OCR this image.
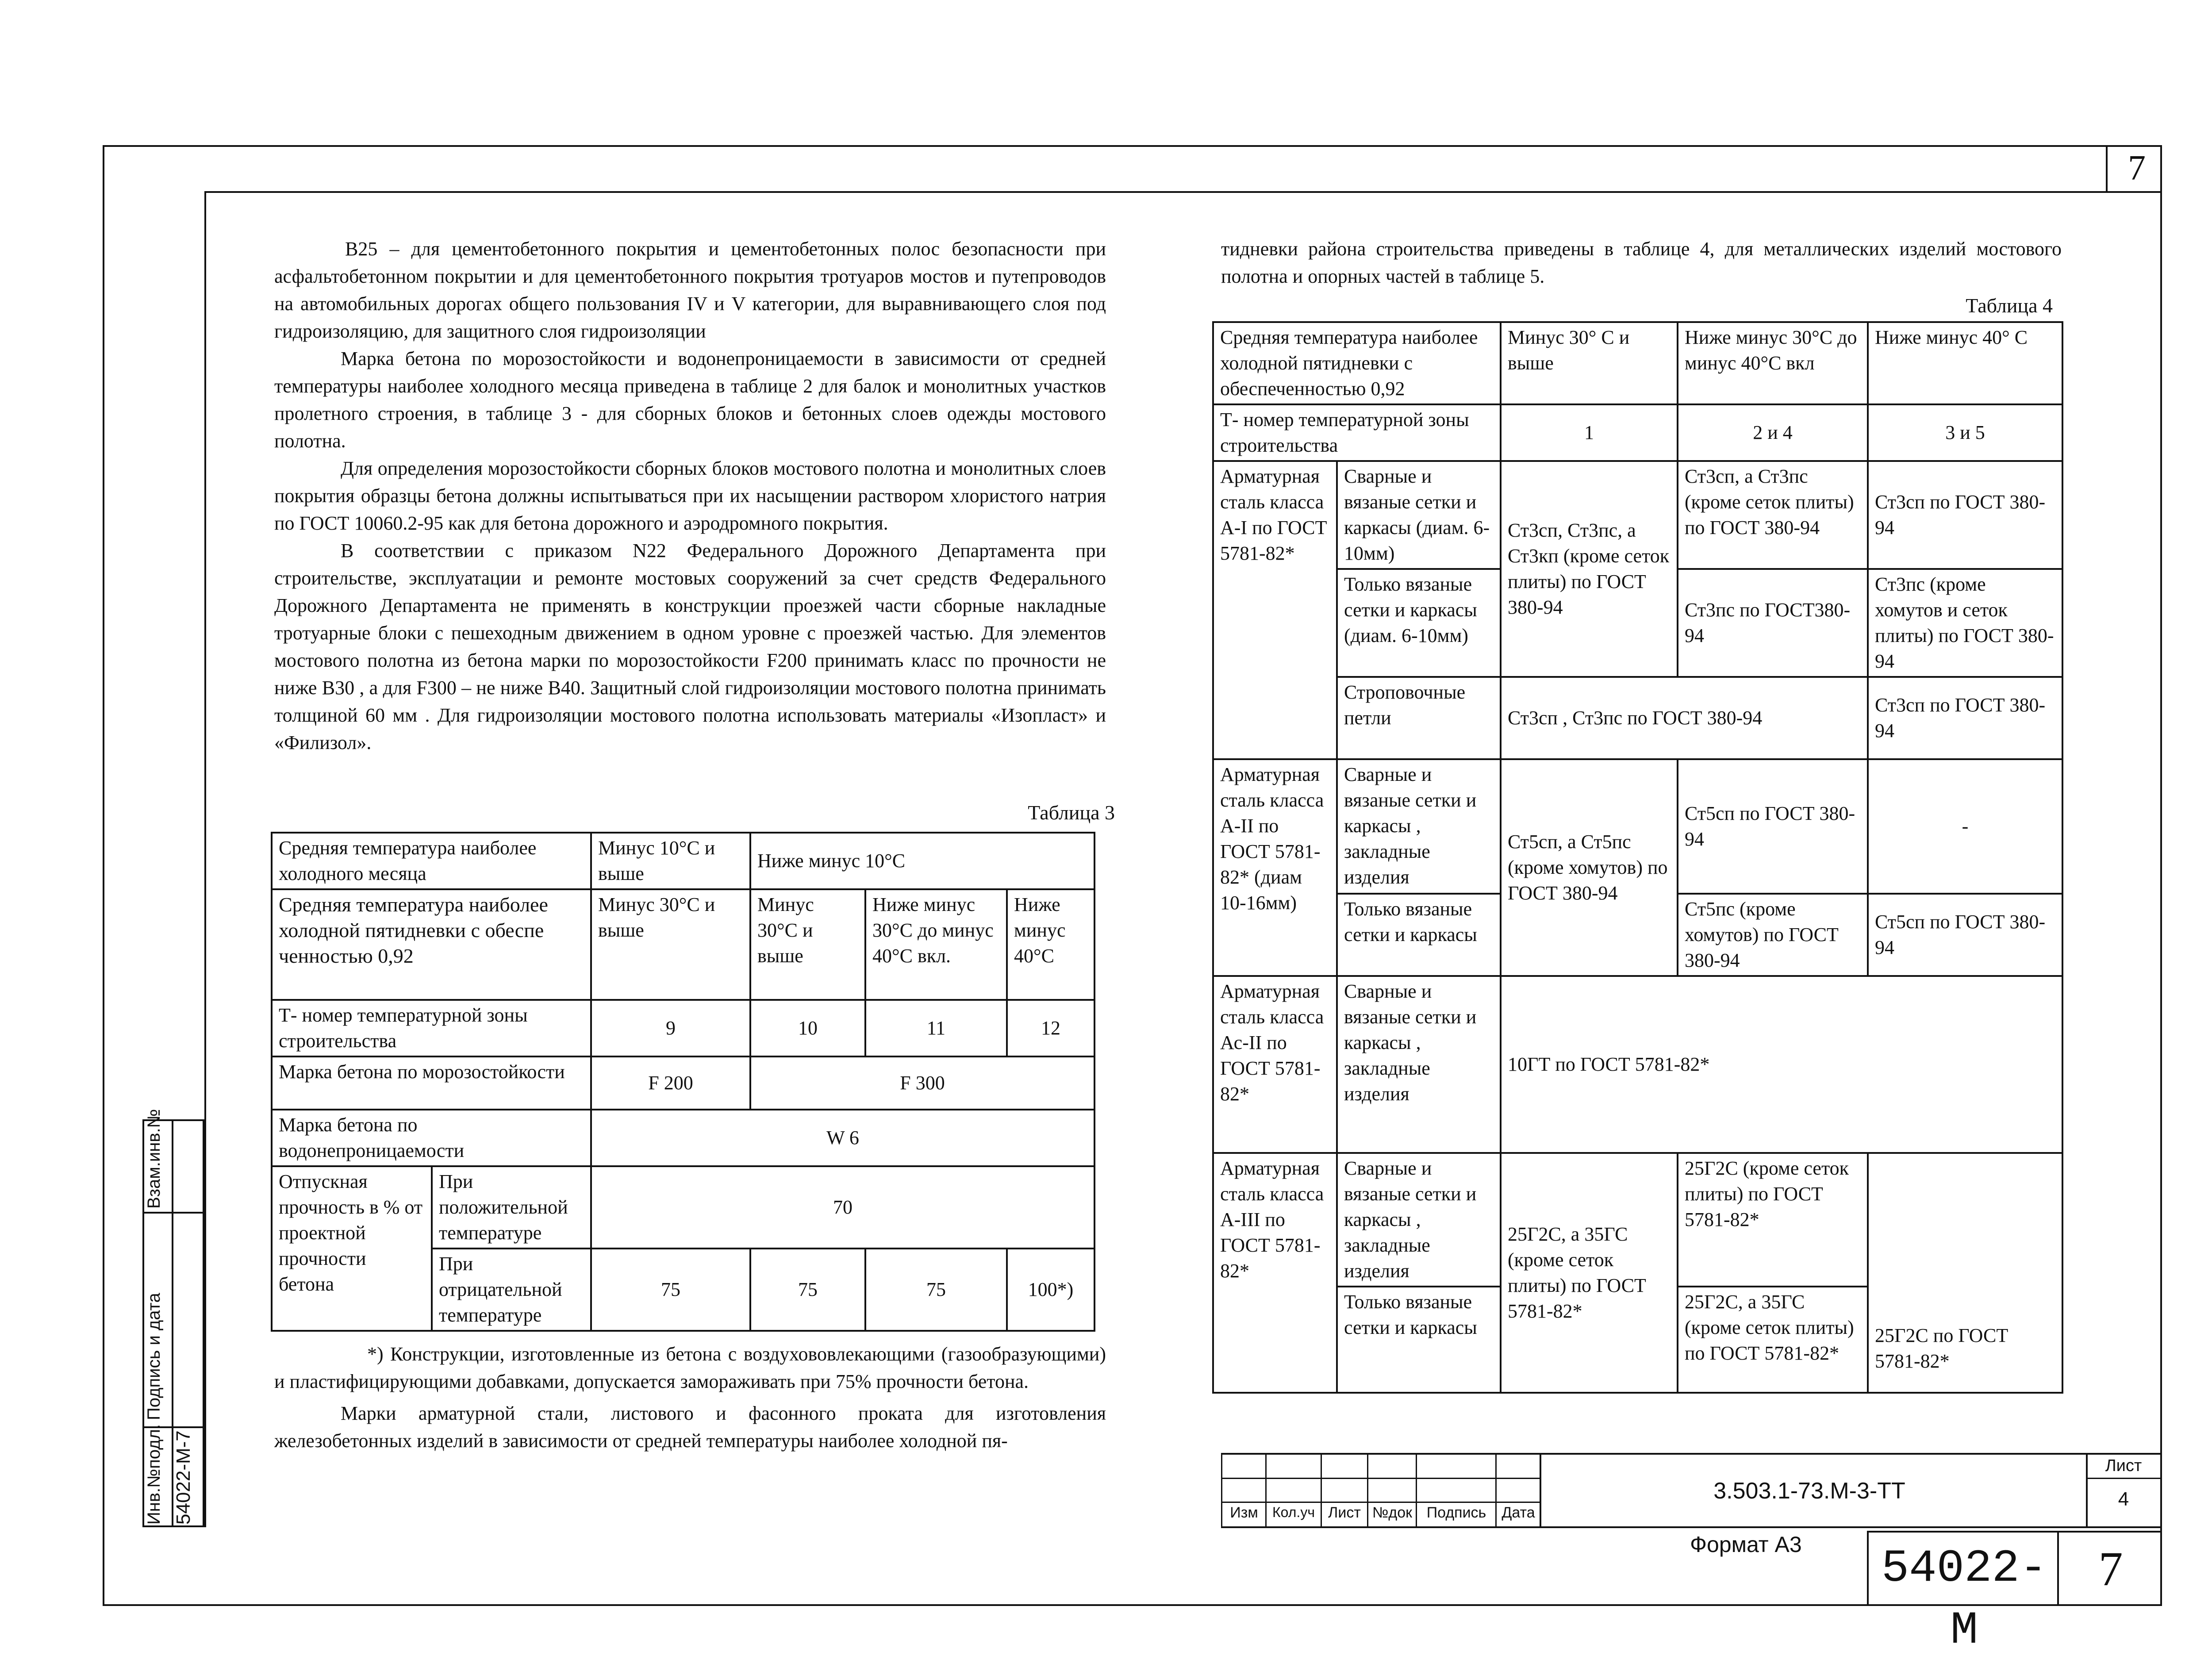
7

B25 – для цементобетонного покрытия и цементобетонных полос безопасности при асфальтобетонном покрытии и для цементобетонного покрытия тротуаров мостов и путепроводов на автомобильных дорогах общего пользования IV и V категории, для выравнивающего слоя под гидроизоляцию, для защитного слоя гидроизоляции

Марка бетона по морозостойкости и водонепроницаемости в зависимости от средней температуры наиболее холодного месяца приведена в таблице 2 для балок и монолитных участков пролетного строения, в таблице 3 - для сборных блоков и бетонных слоев одежды мостового полотна.

Для определения морозостойкости сборных блоков мостового полотна и монолитных слоев покрытия образцы бетона должны испытываться при их насыщении раствором хлористого натрия по ГОСТ 10060.2-95 как для бетона дорожного и аэродромного покрытия.

В соответствии с приказом N22 Федерального Дорожного Департамента при строительстве, эксплуатации и ремонте мостовых сооружений за счет средств Федерального Дорожного Департамента не применять в конструкции проезжей части сборные накладные тротуарные блоки с пешеходным движением в одном уровне с проезжей частью. Для элементов мостового полотна из бетона марки по морозостойкости F200 принимать класс по прочности не ниже В30 , а для F300 – не ниже В40. Защитный слой гидроизоляции мостового полотна принимать толщиной 60 мм . Для гидроизоляции мостового полотна использовать материалы «Изопласт» и «Филизол».

Таблица 3
Средняя температура наиболее холодного месяца		Минус 10°С и выше	Ниже минус 10°С		
Средняя температура наиболее холодной пятидневки с обеспе ченностью 0,92		Минус 30°С и выше	Минус 30°С и выше	Ниже минус 30°С до минус 40°С вкл.	Ниже минус 40°С
Т- номер температурной зоны строительства		9	10	11	12
Марка бетона по морозостойкости		F 200	F 300		
Марка бетона по водонепроницаемости		W 6			
Отпускная прочность в % от проектной прочности бетона	При положительной температуре	70			
	При отрицательной температуре	75	75	75	100*)

*) Конструкции, изготовленные из бетона с воздухововлекающими (газообразующими) и пластифицирующими добавками, допускается замораживать при 75% прочности бетона.

Марки арматурной стали, листового и фасонного проката для изготовления железобетонных изделий в зависимости от средней температуры наиболее холодной пя-

тидневки района строительства приведены в таблице 4, для металлических изделий мостового полотна и опорных частей в таблице 5.

Таблица 4
Средняя температура наиболее холодной пятидневки с обеспеченностью 0,92		Минус 30° С и выше	Ниже минус 30°С до минус 40°С вкл	Ниже минус 40° С
Т- номер температурной зоны строительства		1	2 и 4	3 и 5
Арматурная сталь класса А-I по ГОСТ 5781-82*	Сварные и вязаные сетки и каркасы (диам. 6-10мм)	Ст3сп, Ст3пс, а Ст3кп (кроме сеток плиты) по ГОСТ 380-94	Ст3сп, а Ст3пс (кроме сеток плиты) по ГОСТ 380-94	Ст3сп по ГОСТ 380-94
	Только вязаные сетки и каркасы (диам. 6-10мм)		Ст3пс по ГОСТ380-94	Ст3пс (кроме хомутов и сеток плиты) по ГОСТ 380-94
	Строповочные петли	Ст3сп , Ст3пс по ГОСТ 380-94		Ст3сп по ГОСТ 380-94
Арматурная сталь класса А-II по ГОСТ 5781-82* (диам 10-16мм)	Сварные и вязаные сетки и каркасы , закладные изделия	Ст5сп, а Ст5пс (кроме хомутов) по ГОСТ 380-94	Ст5сп по ГОСТ 380-94	-
	Только вязаные сетки и каркасы		Ст5пс (кроме хомутов) по ГОСТ 380-94	Ст5сп по ГОСТ 380-94
Арматурная сталь класса Ас-II по ГОСТ 5781-82*	Сварные и вязаные сетки и каркасы , закладные изделия	10ГТ по ГОСТ 5781-82*		
Арматурная сталь класса А-III по ГОСТ 5781-82*	Сварные и вязаные сетки и каркасы , закладные изделия	25Г2С, а 35ГС (кроме сеток плиты) по ГОСТ 5781-82*	25Г2С (кроме сеток плиты) по ГОСТ 5781-82*	25Г2С по ГОСТ 5781-82*

	Только вязаные сетки и каркасы		25Г2С, а 35ГС (кроме сеток плиты) по ГОСТ 5781-82*	
Изм	Кол.уч Лист №док Подпись	Дата
3.503.1-73.М-3-ТТ
Лист
4
Формат А3	54022-М
7
Взам.инв.№
Подпись и дата
Инв.№подл. 54022-М-7
